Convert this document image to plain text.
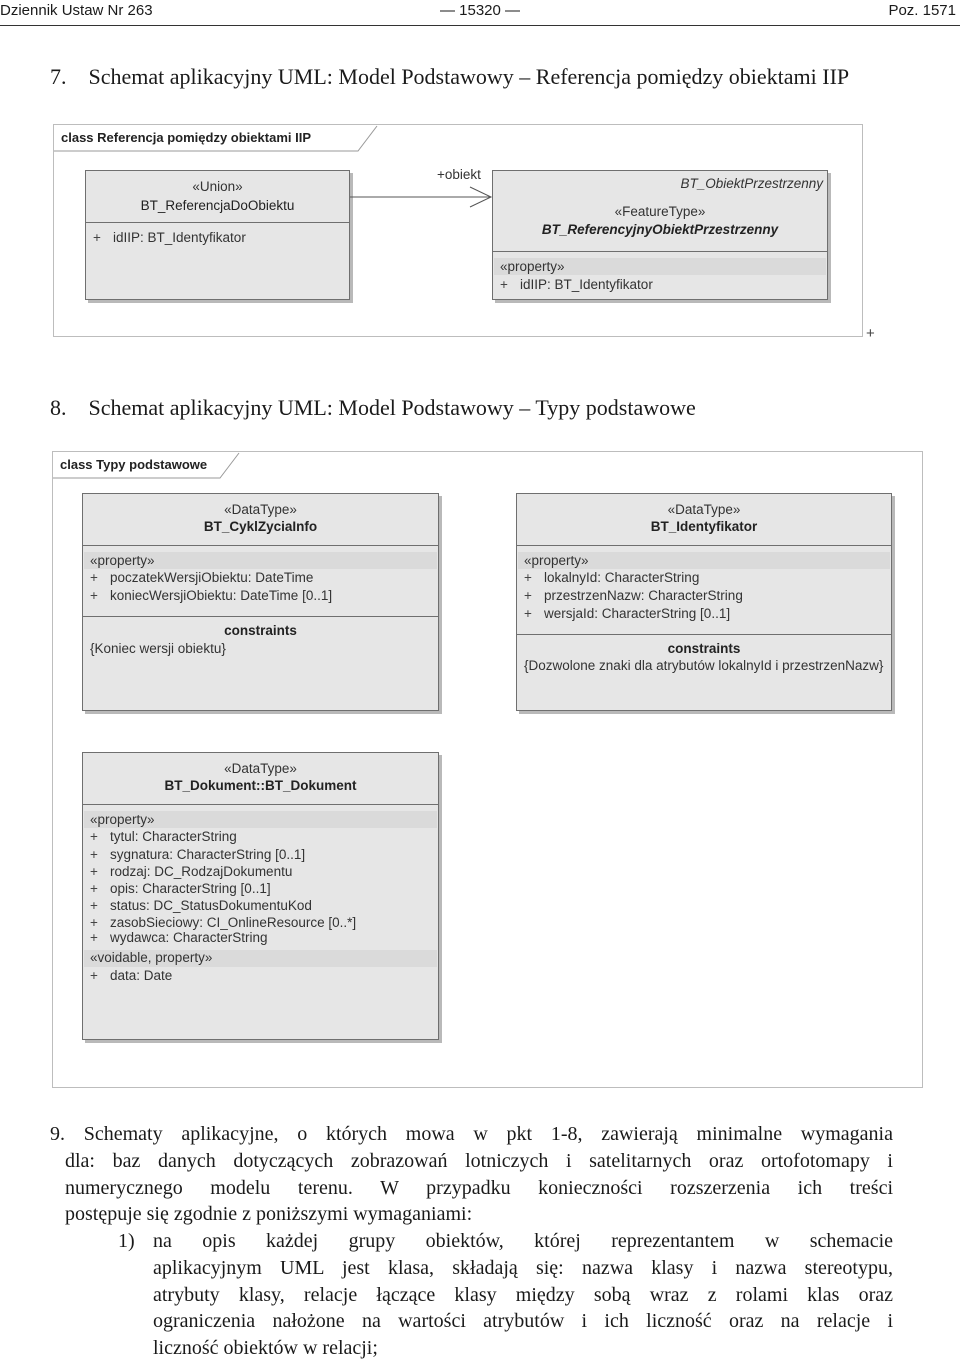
Dziennik Ustaw Nr 263	— 15320 —	Poz. 1571
7. Schemat aplikacyjny UML: Model Podstawowy – Referencja pomiędzy obiektami IIP
class Referencja pomiędzy obiektami IIP
«Union»
BT_ReferencjaDoObiektu
+ idIIP: BT_Identyfikator
+obiekt
BT_ObiektPrzestrzenny
«FeatureType»
BT_ReferencyjnyObiektPrzestrzenny
«property»
+ idIIP: BT_Identyfikator
+
8. Schemat aplikacyjny UML: Model Podstawowy – Typy podstawowe
class Typy podstawowe
«DataType»
BT_CyklZyciaInfo
«property»
+ poczatekWersjiObiektu: DateTime
+ koniecWersjiObiektu: DateTime [0..1]
constraints
{Koniec wersji obiektu}
«DataType»
BT_Identyfikator
«property»
+ lokalnyId: CharacterString
+ przestrzenNazw: CharacterString
+ wersjaId: CharacterString [0..1]
constraints
{Dozwolone znaki dla atrybutów lokalnyId i przestrzenNazw}
«DataType»
BT_Dokument::BT_Dokument
«property»
+ tytul: CharacterString
+ sygnatura: CharacterString [0..1]
+ rodzaj: DC_RodzajDokumentu
+ opis: CharacterString [0..1]
+ status: DC_StatusDokumentuKod
+ zasobSieciowy: CI_OnlineResource [0..*]
+ wydawca: CharacterString
«voidable, property»
+ data: Date
9. Schematy aplikacyjne, o których mowa w pkt 1-8, zawierają minimalne wymagania
dla: baz danych dotyczących zobrazowań lotniczych i satelitarnych oraz ortofotomapy i
numerycznego modelu terenu. W przypadku konieczności rozszerzenia ich treści
postępuje się zgodnie z poniższymi wymaganiami:
1) na opis każdej grupy obiektów, której reprezentantem w schemacie
aplikacyjnym UML jest klasa, składają się: nazwa klasy i nazwa stereotypu,
atrybuty klasy, relacje łączące klasy między sobą wraz z rolami klas oraz
ograniczenia nałożone na wartości atrybutów i ich liczność oraz na relacje i
liczność obiektów w relacji;
